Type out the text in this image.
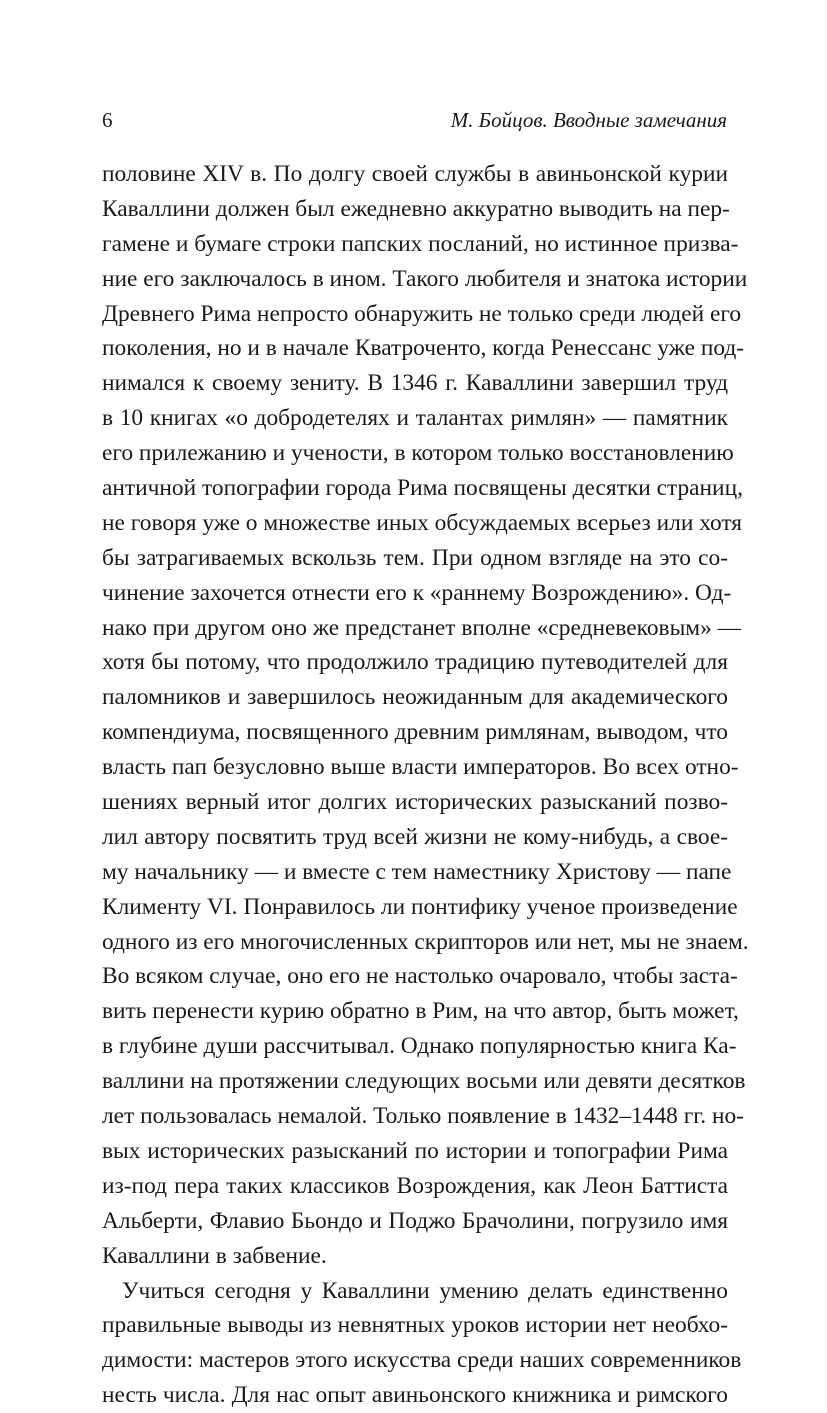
6	М. Бойцов. Вводные замечания
половине XIV в. По долгу своей службы в авиньонской курии
Каваллини должен был ежедневно аккуратно выводить на пер-
гамене и бумаге строки папских посланий, но истинное призва-
ние его заключалось в ином. Такого любителя и знатока истории
Древнего Рима непросто обнаружить не только среди людей его
поколения, но и в начале Кватроченто, когда Ренессанс уже под-
нимался к своему зениту. В 1346 г. Каваллини завершил труд
в 10 книгах «о добродетелях и талантах римлян» — памятник
его прилежанию и учености, в котором только восстановлению
античной топографии города Рима посвящены десятки страниц,
не говоря уже о множестве иных обсуждаемых всерьез или хотя
бы затрагиваемых вскользь тем. При одном взгляде на это со-
чинение захочется отнести его к «раннему Возрождению». Од-
нако при другом оно же предстанет вполне «средневековым» —
хотя бы потому, что продолжило традицию путеводителей для
паломников и завершилось неожиданным для академического
компендиума, посвященного древним римлянам, выводом, что
власть пап безусловно выше власти императоров. Во всех отно-
шениях верный итог долгих исторических разысканий позво-
лил автору посвятить труд всей жизни не кому-нибудь, а свое-
му начальнику — и вместе с тем наместнику Христову — папе
Клименту VI. Понравилось ли понтифику ученое произведение
одного из его многочисленных скрипторов или нет, мы не знаем.
Во всяком случае, оно его не настолько очаровало, чтобы заста-
вить перенести курию обратно в Рим, на что автор, быть может,
в глубине души рассчитывал. Однако популярностью книга Ка-
валлини на протяжении следующих восьми или девяти десятков
лет пользовалась немалой. Только появление в 1432–1448 гг. но-
вых исторических разысканий по истории и топографии Рима
из-под пера таких классиков Возрождения, как Леон Баттиста
Альберти, Флавио Бьондо и Поджо Брачолини, погрузило имя
Каваллини в забвение.
Учиться сегодня у Каваллини умению делать единственно
правильные выводы из невнятных уроков истории нет необхо-
димости: мастеров этого искусства среди наших современников
несть числа. Для нас опыт авиньонского книжника и римского
